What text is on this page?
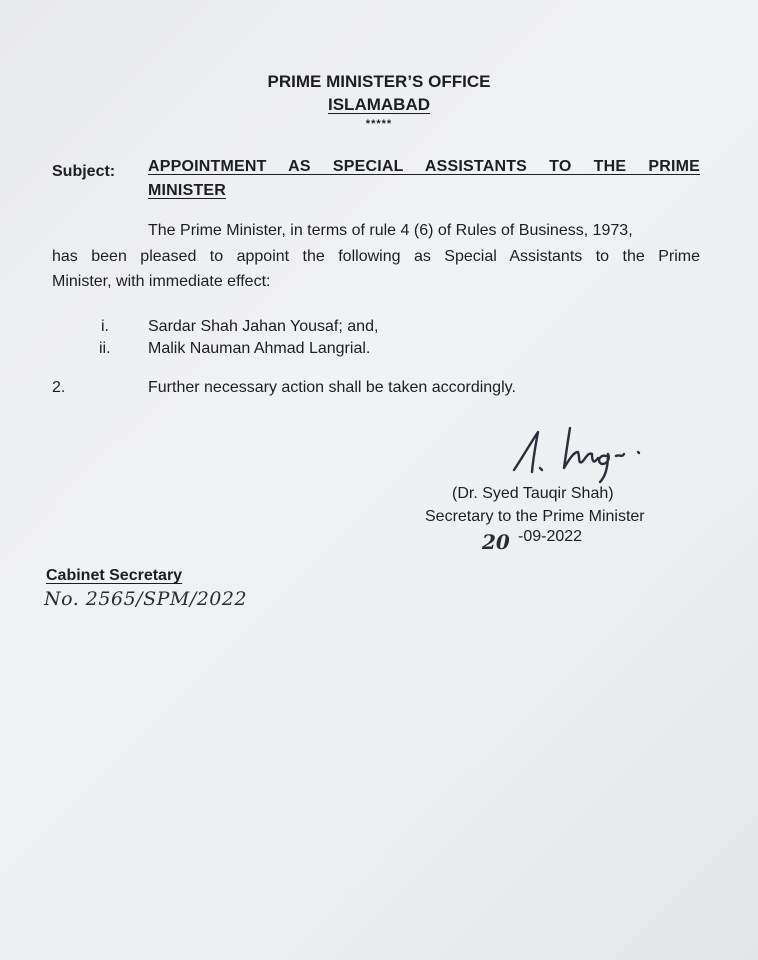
PRIME MINISTER’S OFFICE
ISLAMABAD
*****
Subject: APPOINTMENT AS SPECIAL ASSISTANTS TO THE PRIME
MINISTER
The Prime Minister, in terms of rule 4 (6) of Rules of Business, 1973,
has been pleased to appoint the following as Special Assistants to the Prime
Minister, with immediate effect:
i. Sardar Shah Jahan Yousaf; and,
ii. Malik Nauman Ahmad Langrial.
2.	Further necessary action shall be taken accordingly.
(Dr. Syed Tauqir Shah)
Secretary to the Prime Minister
20 -09-2022
Cabinet Secretary
No. 2565/SPM/2022
